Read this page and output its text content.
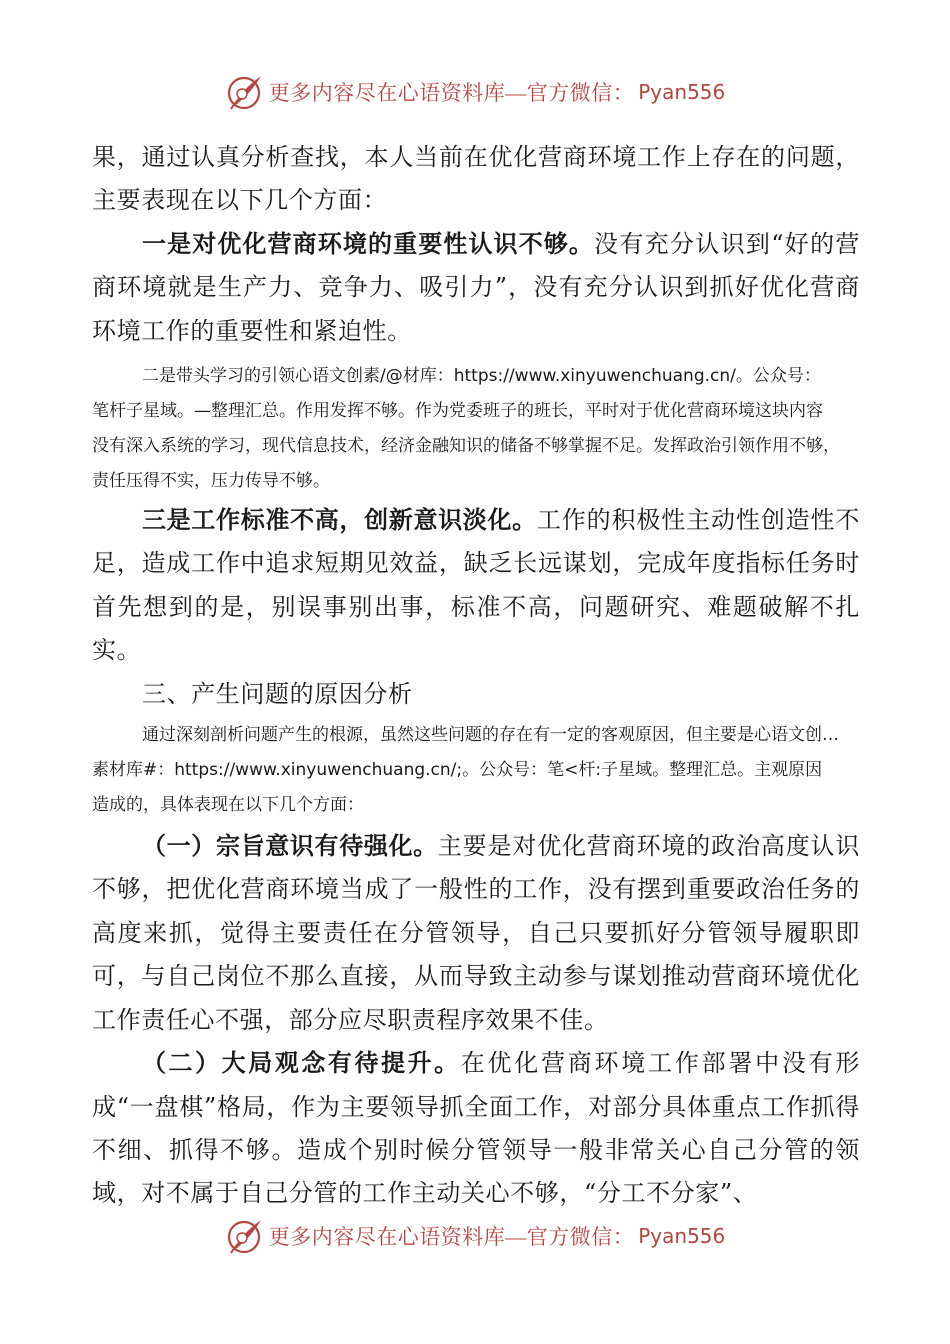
更多内容尽在心语资料库—官方微信： Pyan556

果，通过认真分析查找，本人当前在优化营商环境工作上存在的问题，主要表现在以下几个方面：

一是对优化营商环境的重要性认识不够。没有充分认识到“好的营商环境就是生产力、竞争力、吸引力”，没有充分认识到抓好优化营商环境工作的重要性和紧迫性。

二是带头学习的引领心语文创素/@材库：https://www.xinyuwenchuang.cn/。公众号：

笔杆子星域。—整理汇总。作用发挥不够。作为党委班子的班长，平时对于优化营商环境这块内容

没有深入系统的学习，现代信息技术，经济金融知识的储备不够掌握不足。发挥政治引领作用不够，

责任压得不实，压力传导不够。

三是工作标准不高，创新意识淡化。工作的积极性主动性创造性不足，造成工作中追求短期见效益，缺乏长远谋划，完成年度指标任务时首先想到的是，别误事别出事，标准不高，问题研究、难题破解不扎实。

三、产生问题的原因分析

通过深刻剖析问题产生的根源，虽然这些问题的存在有一定的客观原因，但主要是心语文创…

素材库#：https://www.xinyuwenchuang.cn/;。公众号：笔<杆:子星域。整理汇总。主观原因

造成的，具体表现在以下几个方面：

（一）宗旨意识有待强化。主要是对优化营商环境的政治高度认识不够，把优化营商环境当成了一般性的工作，没有摆到重要政治任务的高度来抓，觉得主要责任在分管领导，自己只要抓好分管领导履职即可，与自己岗位不那么直接，从而导致主动参与谋划推动营商环境优化工作责任心不强，部分应尽职责程序效果不佳。

（二）大局观念有待提升。在优化营商环境工作部署中没有形成“一盘棋”格局，作为主要领导抓全面工作，对部分具体重点工作抓得不细、抓得不够。造成个别时候分管领导一般非常关心自己分管的领域，对不属于自己分管的工作主动关心不够，“分工不分家”、

更多内容尽在心语资料库—官方微信： Pyan556
